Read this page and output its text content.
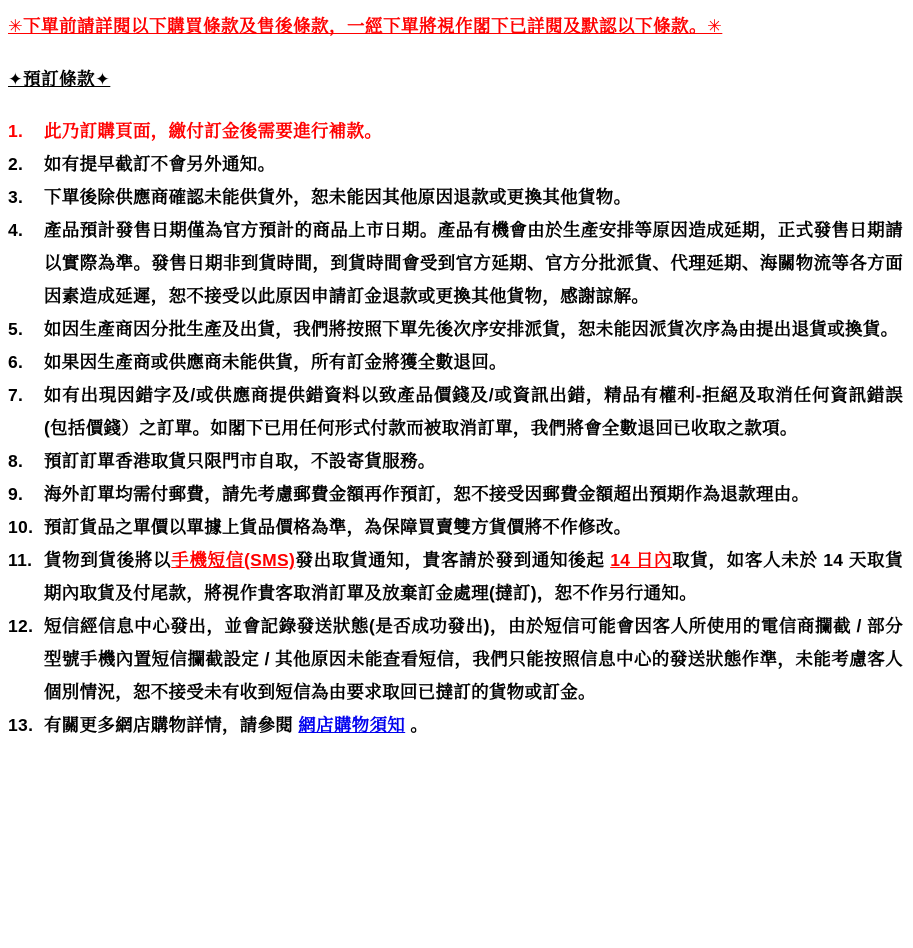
✳下單前請詳閱以下購買條款及售後條款，一經下單將視作閣下已詳閱及默認以下條款。✳

✦預訂條款✦

1.	此乃訂購頁面，繳付訂金後需要進行補款。
2.	如有提早截訂不會另外通知。
3.	下單後除供應商確認未能供貨外，恕未能因其他原因退款或更換其他貨物。
4.	產品預計發售日期僅為官方預計的商品上市日期。產品有機會由於生產安排等原因造成延期，正式發售日期請以實際為準。發售日期非到貨時間，到貨時間會受到官方延期、官方分批派貨、代理延期、海關物流等各方面因素造成延遲，恕不接受以此原因申請訂金退款或更換其他貨物，感謝諒解。
5.	如因生產商因分批生產及出貨，我們將按照下單先後次序安排派貨，恕未能因派貨次序為由提出退貨或換貨。
6.	如果因生產商或供應商未能供貨，所有訂金將獲全數退回。
7.	如有出現因錯字及/或供應商提供錯資料以致產品價錢及/或資訊出錯，精品有權利-拒絕及取消任何資訊錯誤(包括價錢）之訂單。如閣下已用任何形式付款而被取消訂單，我們將會全數退回已收取之款項。
8.	預訂訂單香港取貨只限門市自取，不設寄貨服務。
9.	海外訂單均需付郵費，請先考慮郵費金額再作預訂，恕不接受因郵費金額超出預期作為退款理由。
10. 預訂貨品之單價以單據上貨品價格為準，為保障買賣雙方貨價將不作修改。
11. 貨物到貨後將以手機短信(SMS)發出取貨通知，貴客請於發到通知後起 14 日內取貨，如客人未於 14 天取貨期內取貨及付尾款，將視作貴客取消訂單及放棄訂金處理(撻訂)，恕不作另行通知。
12. 短信經信息中心發出，並會記錄發送狀態(是否成功發出)，由於短信可能會因客人所使用的電信商攔截 / 部分型號手機內置短信攔截設定 / 其他原因未能查看短信，我們只能按照信息中心的發送狀態作準，未能考慮客人個別情況，恕不接受未有收到短信為由要求取回已撻訂的貨物或訂金。
13. 有關更多網店購物詳情，請參閱 網店購物須知 。
